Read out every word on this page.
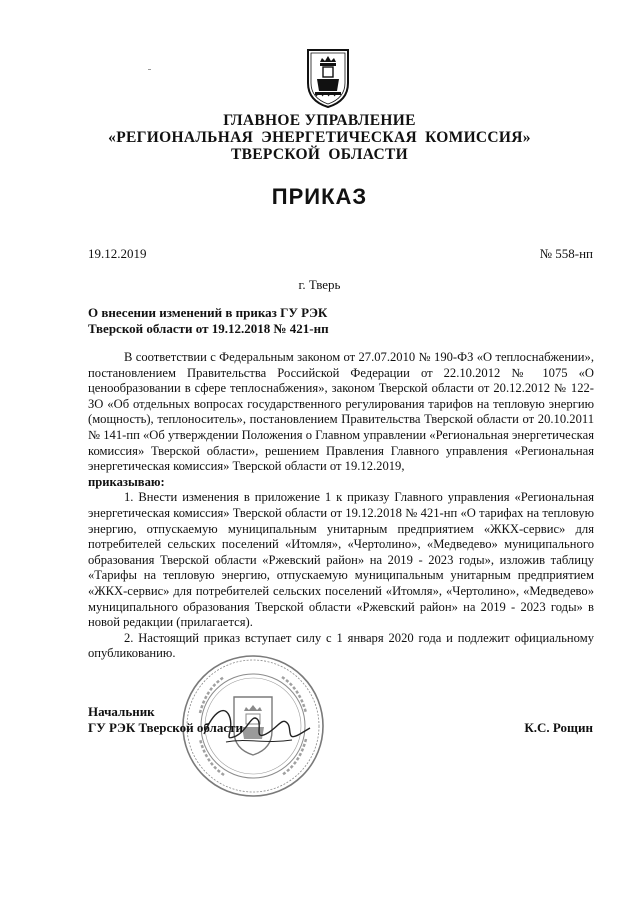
ГЛАВНОЕ УПРАВЛЕНИЕ
«РЕГИОНАЛЬНАЯ ЭНЕРГЕТИЧЕСКАЯ КОМИССИЯ»
ТВЕРСКОЙ ОБЛАСТИ
ПРИКАЗ
19.12.2019	№ 558-нп
г. Тверь
О внесении изменений в приказ ГУ РЭК
Тверской области от 19.12.2018 № 421-нп

В соответствии с Федеральным законом от 27.07.2010 № 190-ФЗ «О теплоснабжении», постановлением Правительства Российской Федерации от 22.10.2012 № 1075 «О ценообразовании в сфере теплоснабжения», законом Тверской области от 20.12.2012 № 122-ЗО «Об отдельных вопросах государственного регулирования тарифов на тепловую энергию (мощность), теплоноситель», постановлением Правительства Тверской области от 20.10.2011 № 141-пп «Об утверждении Положения о Главном управлении «Региональная энергетическая комиссия» Тверской области», решением Правления Главного управления «Региональная энергетическая комиссия» Тверской области от 19.12.2019,

приказываю:

1. Внести изменения в приложение 1 к приказу Главного управления «Региональная энергетическая комиссия» Тверской области от 19.12.2018 № 421-нп «О тарифах на тепловую энергию, отпускаемую муниципальным унитарным предприятием «ЖКХ-сервис» для потребителей сельских поселений «Итомля», «Чертолино», «Медведево» муниципального образования Тверской области «Ржевский район» на 2019 - 2023 годы», изложив таблицу «Тарифы на тепловую энергию, отпускаемую муниципальным унитарным предприятием «ЖКХ-сервис» для потребителей сельских поселений «Итомля», «Чертолино», «Медведево» муниципального образования Тверской области «Ржевский район» на 2019 - 2023 годы» в новой редакции (прилагается).

2. Настоящий приказ вступает силу с 1 января 2020 года и подлежит официальному опубликованию.

Начальник
ГУ РЭК Тверской области	К.С. Рощин
